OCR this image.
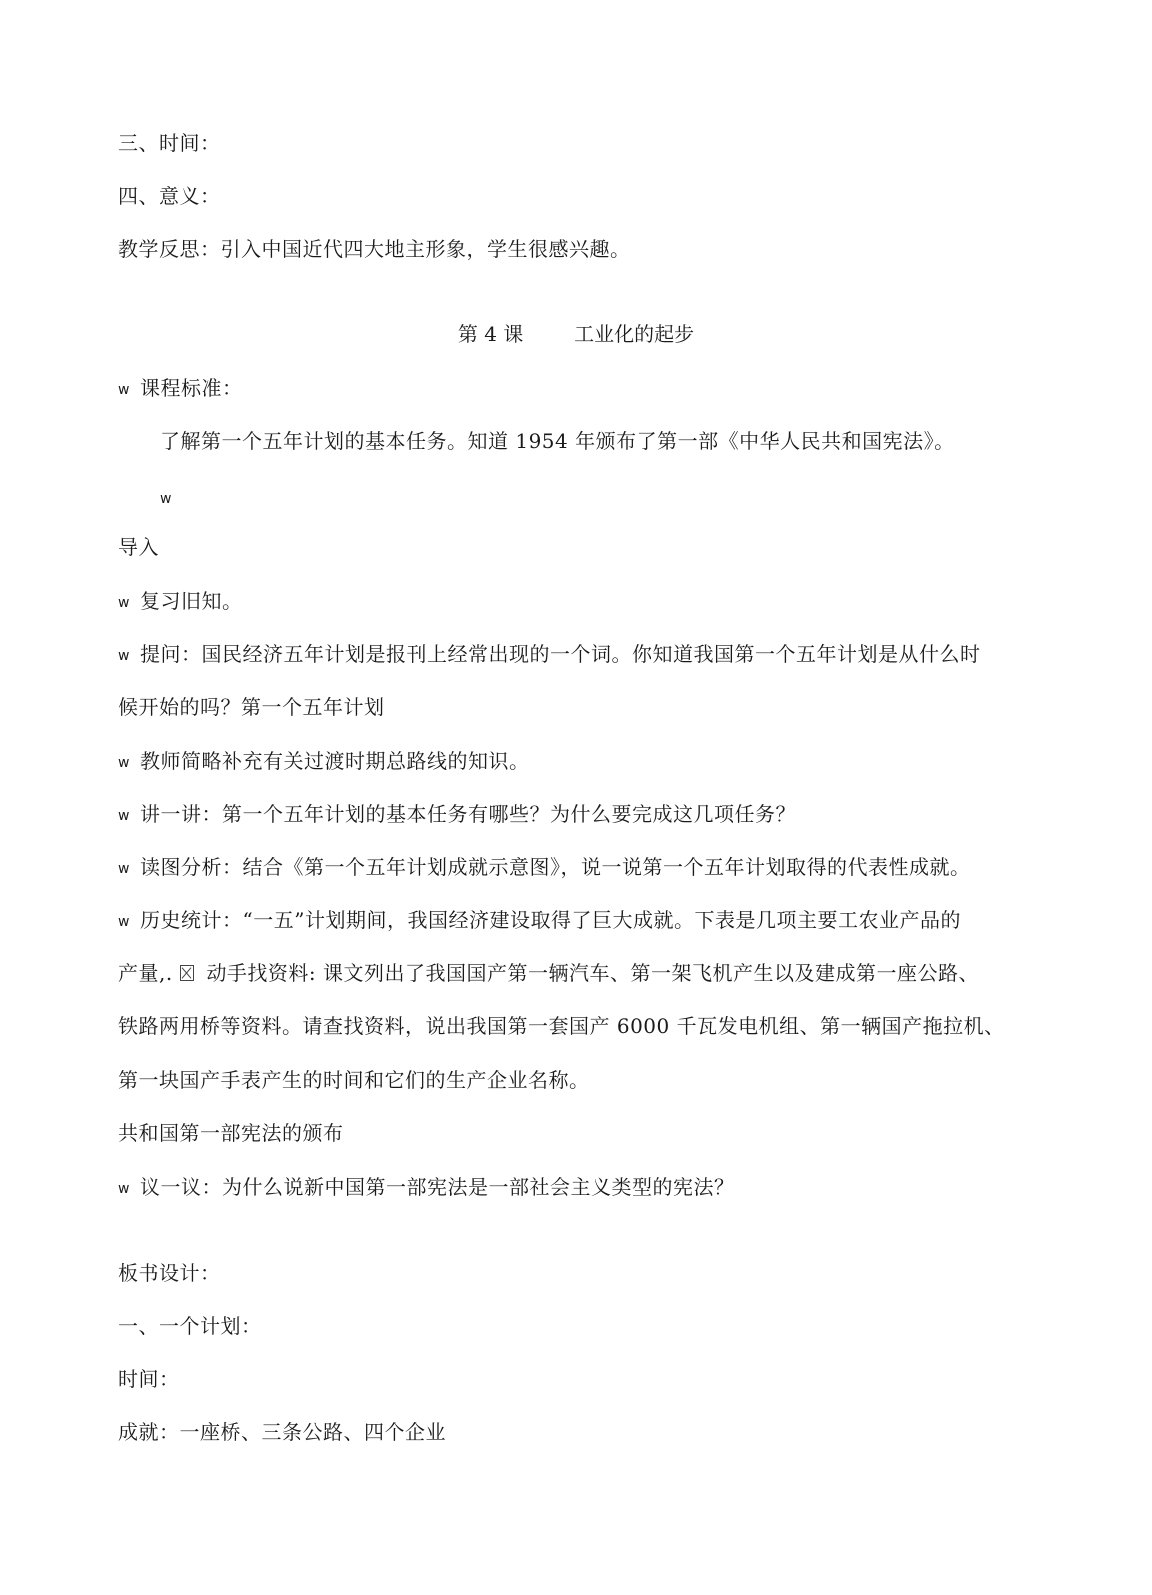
三、时间：
四、意义：
教学反思：引入中国近代四大地主形象，学生很感兴趣。
第 4 课        工业化的起步
w 课程标准：
了解第一个五年计划的基本任务。知道 1954 年颁布了第一部《中华人民共和国宪法》。
w
导入
w 复习旧知。
w 提问：国民经济五年计划是报刊上经常出现的一个词。你知道我国第一个五年计划是从什么时
候开始的吗？第一个五年计划
w 教师简略补充有关过渡时期总路线的知识。
w 讲一讲：第一个五年计划的基本任务有哪些？为什么要完成这几项任务？
w 读图分析：结合《第一个五年计划成就示意图》，说一说第一个五年计划取得的代表性成就。
w 历史统计：“一五”计划期间，我国经济建设取得了巨大成就。下表是几项主要工农业产品的
产量,. 动手找资料: 课文列出了我国国产第一辆汽车、第一架飞机产生以及建成第一座公路、
铁路两用桥等资料。请查找资料，说出我国第一套国产 6000 千瓦发电机组、第一辆国产拖拉机、
第一块国产手表产生的时间和它们的生产企业名称。
共和国第一部宪法的颁布
w 议一议：为什么说新中国第一部宪法是一部社会主义类型的宪法？
板书设计：
一、一个计划：
时间：
成就：一座桥、三条公路、四个企业
